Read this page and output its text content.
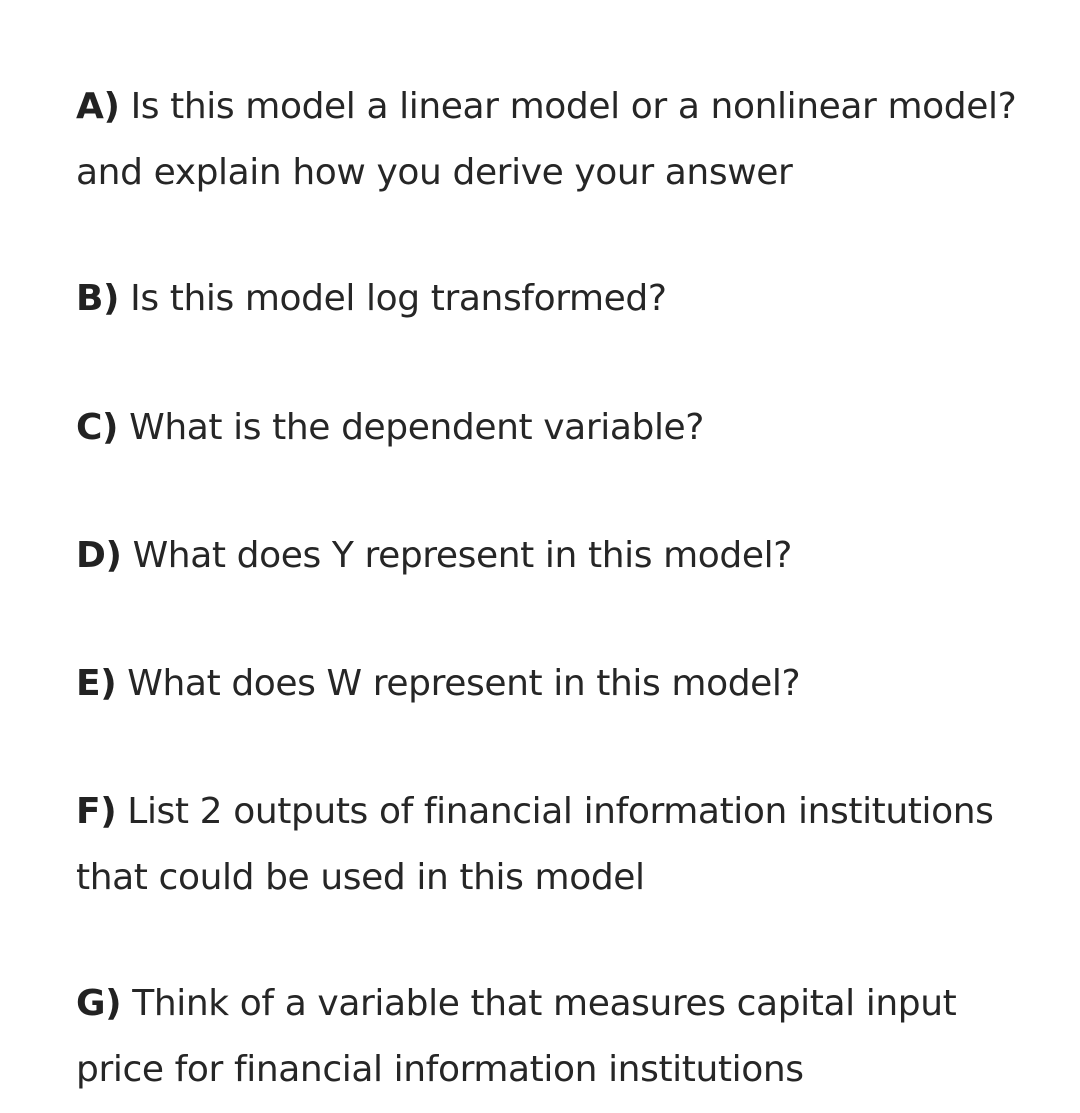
A) Is this model a linear model or a nonlinear model? and explain how you derive your answer

B) Is this model log transformed?

C) What is the dependent variable?

D) What does Y represent in this model?

E) What does W represent in this model?

F) List 2 outputs of financial information institutions that could be used in this model

G) Think of a variable that measures capital input price for financial information institutions
